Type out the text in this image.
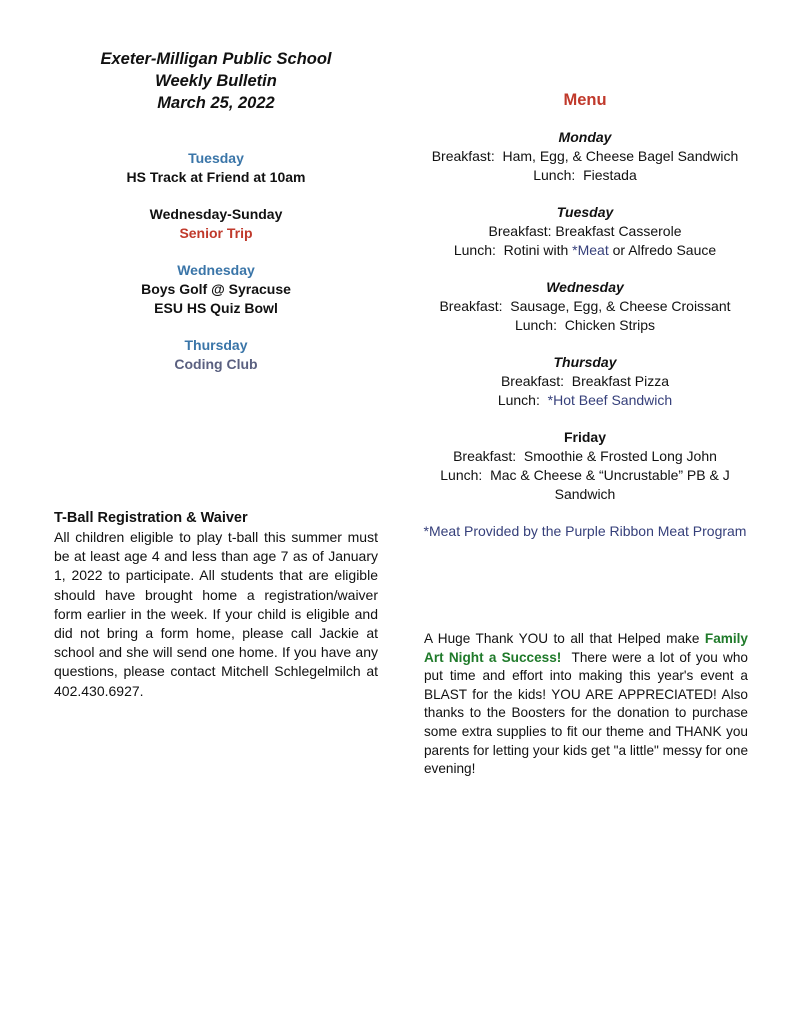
Exeter-Milligan Public School
Weekly Bulletin
March 25, 2022
Tuesday
HS Track at Friend at 10am
Wednesday-Sunday
Senior Trip
Wednesday
Boys Golf @ Syracuse
ESU HS Quiz Bowl
Thursday
Coding Club
T-Ball Registration & Waiver

All children eligible to play t-ball this summer must be at least age 4 and less than age 7 as of January 1, 2022 to participate. All students that are eligible should have brought home a registration/waiver form earlier in the week. If your child is eligible and did not bring a form home, please call Jackie at school and she will send one home. If you have any questions, please contact Mitchell Schlegelmilch at 402.430.6927.

Menu
Monday
Breakfast: Ham, Egg, & Cheese Bagel Sandwich
Lunch: Fiestada
Tuesday
Breakfast: Breakfast Casserole
Lunch: Rotini with *Meat or Alfredo Sauce
Wednesday
Breakfast: Sausage, Egg, & Cheese Croissant
Lunch: Chicken Strips
Thursday
Breakfast: Breakfast Pizza
Lunch: *Hot Beef Sandwich
Friday
Breakfast: Smoothie & Frosted Long John
Lunch: Mac & Cheese & “Uncrustable” PB & J Sandwich
*Meat Provided by the Purple Ribbon Meat Program

A Huge Thank YOU to all that Helped make Family Art Night a Success! There were a lot of you who put time and effort into making this year's event a BLAST for the kids! YOU ARE APPRECIATED! Also thanks to the Boosters for the donation to purchase some extra supplies to fit our theme and THANK you parents for letting your kids get "a little" messy for one evening!
